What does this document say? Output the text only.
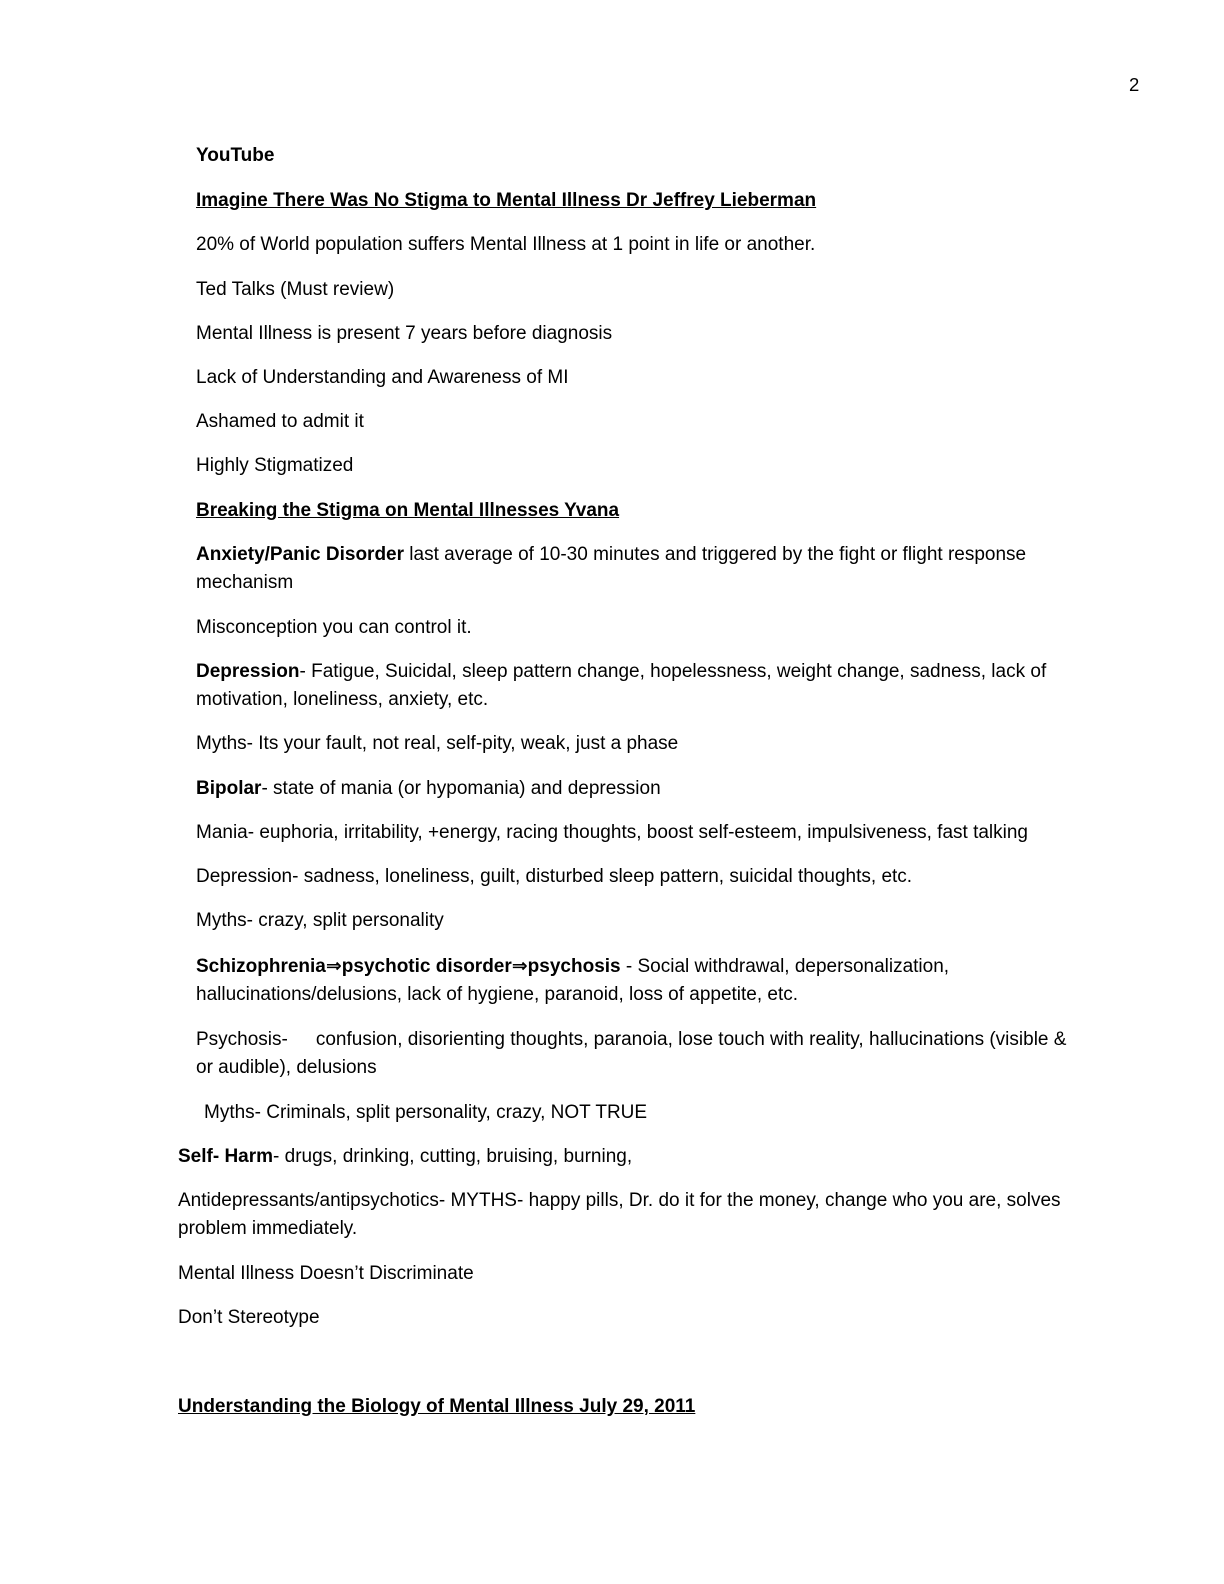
2
YouTube
Imagine There Was No Stigma to Mental Illness Dr Jeffrey Lieberman
20% of World population suffers Mental Illness at 1 point in life or another.
Ted Talks (Must review)
Mental Illness is present 7 years before diagnosis
Lack of Understanding and Awareness of MI
Ashamed to admit it
Highly Stigmatized
Breaking the Stigma on Mental Illnesses Yvana
Anxiety/Panic Disorder last average of 10-30 minutes and triggered by the fight or flight response
mechanism
Misconception you can control it.
Depression- Fatigue, Suicidal, sleep pattern change, hopelessness, weight change, sadness, lack of
motivation, loneliness, anxiety, etc.
Myths- Its your fault, not real, self-pity, weak, just a phase
Bipolar- state of mania (or hypomania) and depression
Mania- euphoria, irritability, +energy, racing thoughts, boost self-esteem, impulsiveness, fast talking
Depression- sadness, loneliness, guilt, disturbed sleep pattern, suicidal thoughts, etc.
Myths- crazy, split personality
Schizophrenia⇒psychotic disorder⇒psychosis - Social withdrawal, depersonalization,
hallucinations/delusions, lack of hygiene, paranoid, loss of appetite, etc.
Psychosis- confusion, disorienting thoughts, paranoia, lose touch with reality, hallucinations (visible &
or audible), delusions
Myths- Criminals, split personality, crazy, NOT TRUE
Self- Harm- drugs, drinking, cutting, bruising, burning,
Antidepressants/antipsychotics- MYTHS- happy pills, Dr. do it for the money, change who you are, solves
problem immediately.
Mental Illness Doesn’t Discriminate
Don’t Stereotype
Understanding the Biology of Mental Illness July 29, 2011
